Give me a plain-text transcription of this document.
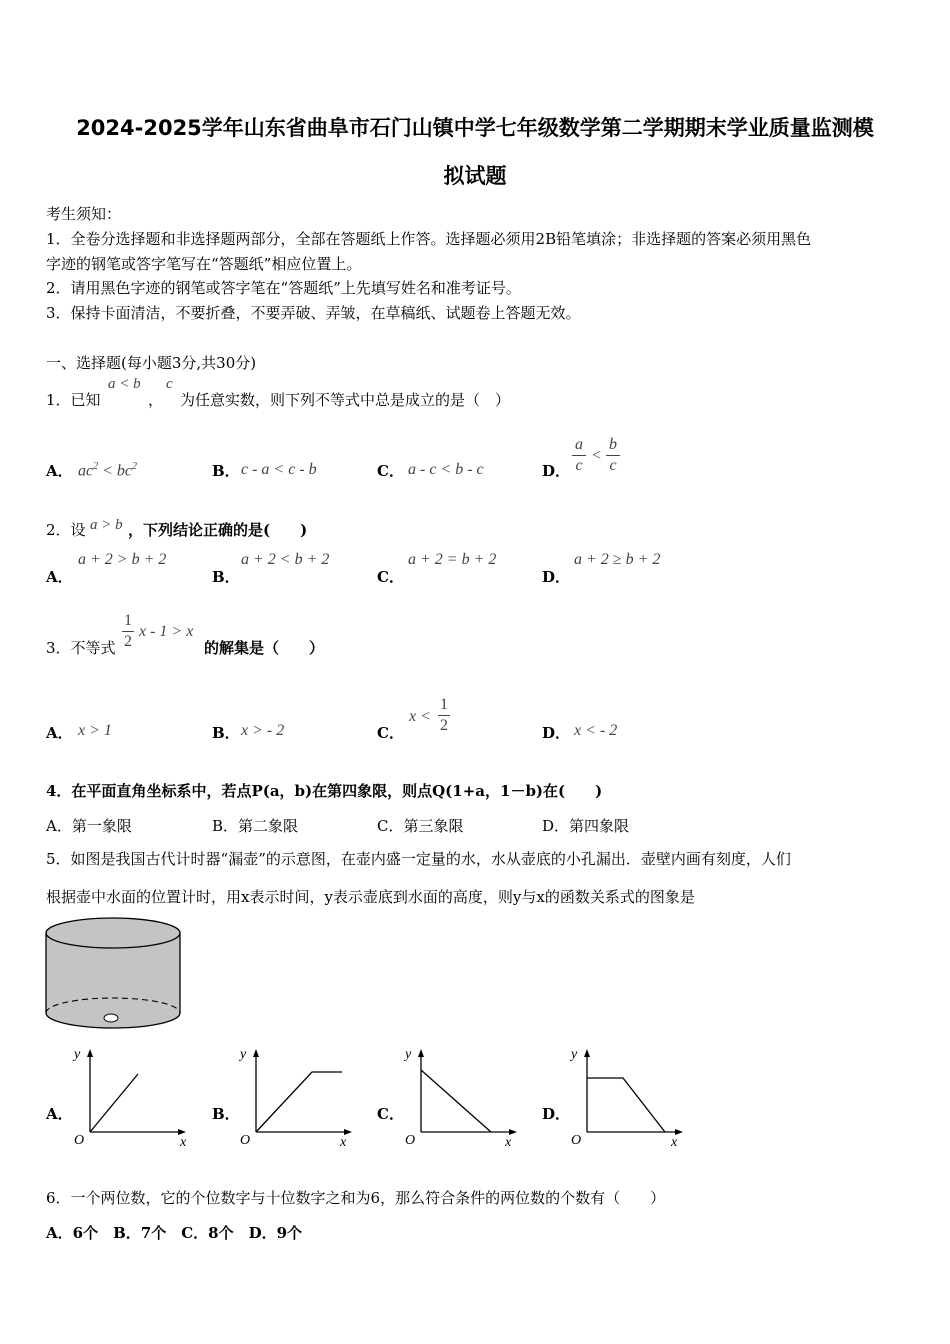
2024-2025学年山东省曲阜市石门山镇中学七年级数学第二学期期末学业质量监测模
拟试题
考生须知：
1．全卷分选择题和非选择题两部分，全部在答题纸上作答。选择题必须用2B铅笔填涂；非选择题的答案必须用黑色
字迹的钢笔或答字笔写在“答题纸”相应位置上。
2．请用黑色字迹的钢笔或答字笔在“答题纸”上先填写姓名和准考证号。
3．保持卡面清洁，不要折叠，不要弄破、弄皱，在草稿纸、试题卷上答题无效。
一、选择题(每小题3分,共30分)
1．已知
a < b
，
c
为任意实数，则下列不等式中总是成立的是（　）
A． $ac^2 < bc^2$	B． c - a < c - b	C． a - c < b - c	D．
a
c
<
b
c
2．设 a > b ，下列结论正确的是(　　)
A．
a + 2 > b + 2
B．
a + 2 < b + 2
C．
a + 2 = b + 2
D．
a + 2 ≥ b + 2
3．不等式
1
2
x - 1 > x
的解集是（　　）
A． x > 1	B． x > - 2	C．
x <
1
2	D． x < - 2
4．在平面直角坐标系中，若点P(a，b)在第四象限，则点Q(1+a，1－b)在(　　)
A．第一象限	B．第二象限	C．第三象限	D．第四象限
5．如图是我国古代计时器“漏壶”的示意图，在壶内盛一定量的水，水从壶底的小孔漏出．壶壁内画有刻度，人们
根据壶中水面的位置计时，用x表示时间，y表示壶底到水面的高度，则y与x的函数关系式的图象是
A．
y
x
O
B．
y
x
O
C．
y
x
O
D．
y
x
O
6．一个两位数，它的个位数字与十位数字之和为6，那么符合条件的两位数的个数有（　　）
A．6个　B．7个　C．8个　D．9个
